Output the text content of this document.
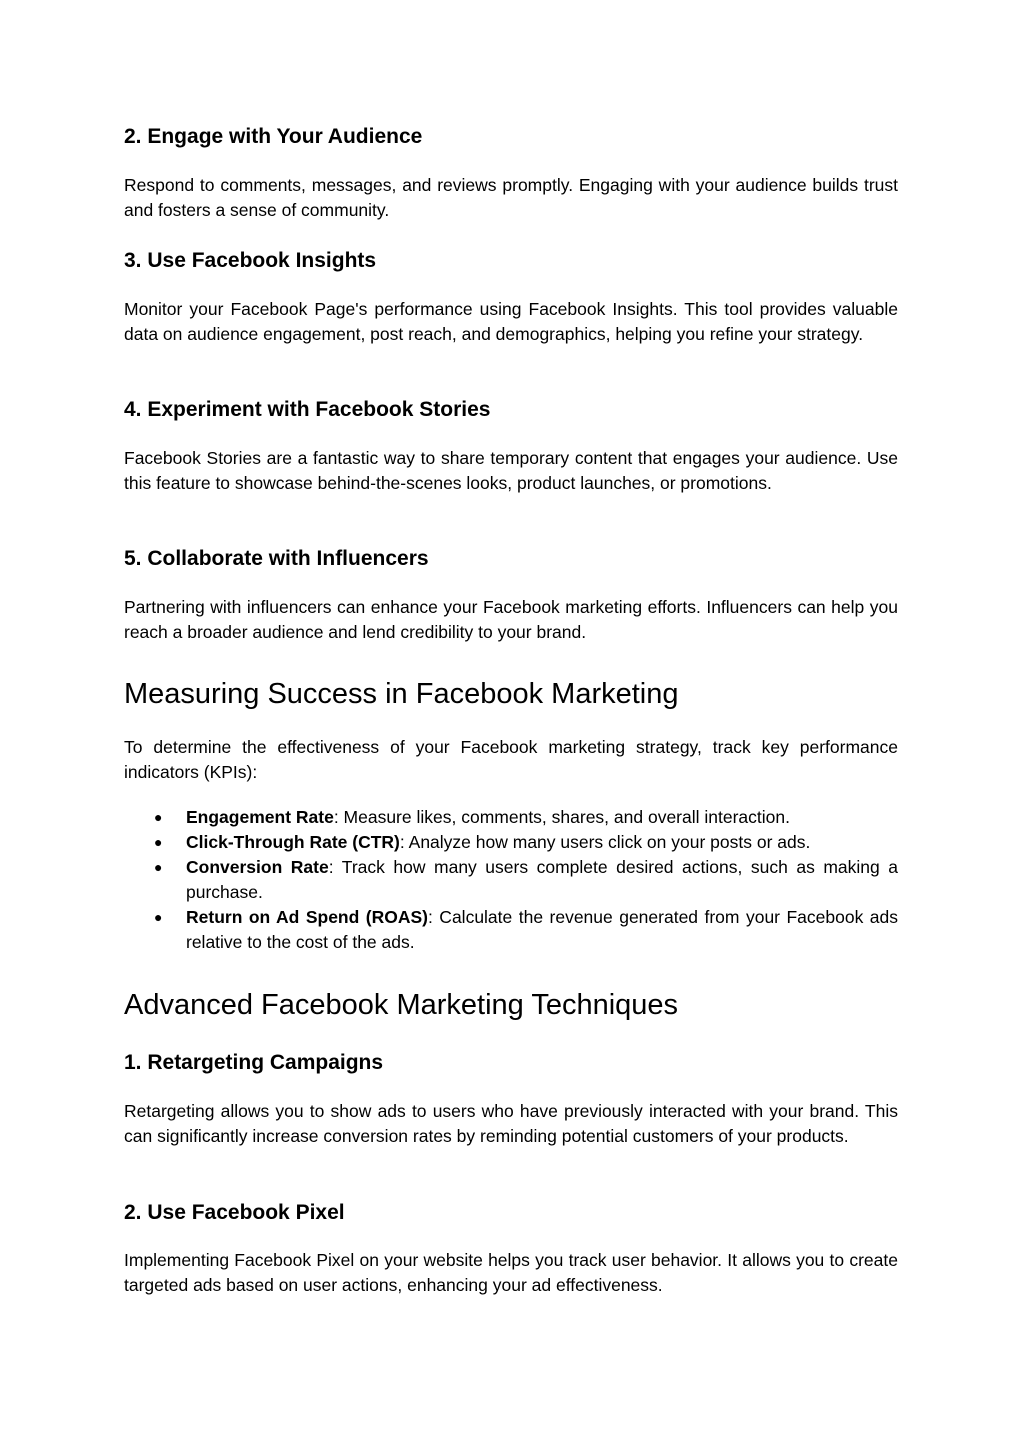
2. Engage with Your Audience

Respond to comments, messages, and reviews promptly. Engaging with your audience builds trust and fosters a sense of community.

3. Use Facebook Insights

Monitor your Facebook Page's performance using Facebook Insights. This tool provides valuable data on audience engagement, post reach, and demographics, helping you refine your strategy.

4. Experiment with Facebook Stories

Facebook Stories are a fantastic way to share temporary content that engages your audience. Use this feature to showcase behind-the-scenes looks, product launches, or promotions.

5. Collaborate with Influencers

Partnering with influencers can enhance your Facebook marketing efforts. Influencers can help you reach a broader audience and lend credibility to your brand.

Measuring Success in Facebook Marketing

To determine the effectiveness of your Facebook marketing strategy, track key performance indicators (KPIs):

● Engagement Rate: Measure likes, comments, shares, and overall interaction.
● Click-Through Rate (CTR): Analyze how many users click on your posts or ads.
● Conversion Rate: Track how many users complete desired actions, such as making a purchase.
● Return on Ad Spend (ROAS): Calculate the revenue generated from your Facebook ads relative to the cost of the ads.
Advanced Facebook Marketing Techniques
1. Retargeting Campaigns

Retargeting allows you to show ads to users who have previously interacted with your brand. This can significantly increase conversion rates by reminding potential customers of your products.

2. Use Facebook Pixel

Implementing Facebook Pixel on your website helps you track user behavior. It allows you to create targeted ads based on user actions, enhancing your ad effectiveness.
